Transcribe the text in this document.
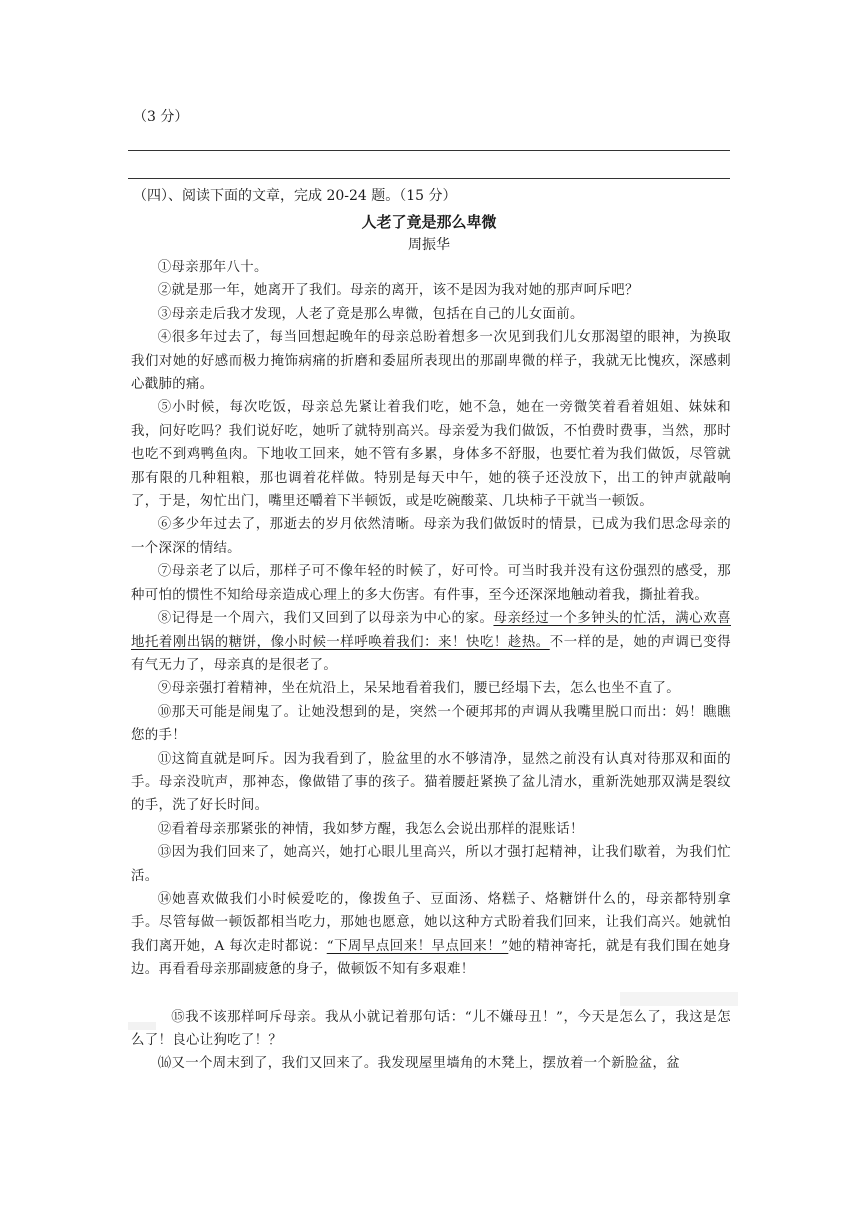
（3 分）
（四）、阅读下面的文章，完成 20-24 题。（15 分）
人老了竟是那么卑微
周振华

①母亲那年八十。

②就是那一年，她离开了我们。母亲的离开，该不是因为我对她的那声呵斥吧？

③母亲走后我才发现，人老了竟是那么卑微，包括在自己的儿女面前。

④很多年过去了，每当回想起晚年的母亲总盼着想多一次见到我们儿女那渴望的眼神，为换取我们对她的好感而极力掩饰病痛的折磨和委屈所表现出的那副卑微的样子，我就无比愧疚，深感刺心戳肺的痛。

⑤小时候，每次吃饭，母亲总先紧让着我们吃，她不急，她在一旁微笑着看着姐姐、妹妹和我，问好吃吗？我们说好吃，她听了就特别高兴。母亲爱为我们做饭，不怕费时费事，当然，那时也吃不到鸡鸭鱼肉。下地收工回来，她不管有多累，身体多不舒服，也要忙着为我们做饭，尽管就那有限的几种粗粮，那也调着花样做。特别是每天中午，她的筷子还没放下，出工的钟声就敲响了，于是，匆忙出门，嘴里还嚼着下半顿饭，或是吃碗酸菜、几块柿子干就当一顿饭。

⑥多少年过去了，那逝去的岁月依然清晰。母亲为我们做饭时的情景，已成为我们思念母亲的一个深深的情结。

⑦母亲老了以后，那样子可不像年轻的时候了，好可怜。可当时我并没有这份强烈的感受，那种可怕的惯性不知给母亲造成心理上的多大伤害。有件事，至今还深深地触动着我，撕扯着我。

⑧记得是一个周六，我们又回到了以母亲为中心的家。母亲经过一个多钟头的忙活，满心欢喜地托着刚出锅的糖饼，像小时候一样呼唤着我们：来！快吃！趁热。不一样的是，她的声调已变得有气无力了，母亲真的是很老了。

⑨母亲强打着精神，坐在炕沿上，呆呆地看着我们，腰已经塌下去，怎么也坐不直了。

⑩那天可能是闹鬼了。让她没想到的是，突然一个硬邦邦的声调从我嘴里脱口而出：妈！瞧瞧您的手！

⑪这简直就是呵斥。因为我看到了，脸盆里的水不够清净，显然之前没有认真对待那双和面的手。母亲没吭声，那神态，像做错了事的孩子。猫着腰赶紧换了盆儿清水，重新洗她那双满是裂纹的手，洗了好长时间。

⑫看着母亲那紧张的神情，我如梦方醒，我怎么会说出那样的混账话！

⑬因为我们回来了，她高兴，她打心眼儿里高兴，所以才强打起精神，让我们歇着，为我们忙活。

⑭她喜欢做我们小时候爱吃的，像拨鱼子、豆面汤、烙糕子、烙糖饼什么的，母亲都特别拿手。尽管每做一顿饭都相当吃力，那她也愿意，她以这种方式盼着我们回来，让我们高兴。她就怕我们离开她，A 每次走时都说：“下周早点回来！早点回来！”她的精神寄托，就是有我们围在她身边。再看看母亲那副疲惫的身子，做顿饭不知有多艰难！

⑮我不该那样呵斥母亲。我从小就记着那句话：“儿不嫌母丑！”，今天是怎么了，我这是怎么了！良心让狗吃了！？

⒃又一个周末到了，我们又回来了。我发现屋里墙角的木凳上，摆放着一个新脸盆，盆
